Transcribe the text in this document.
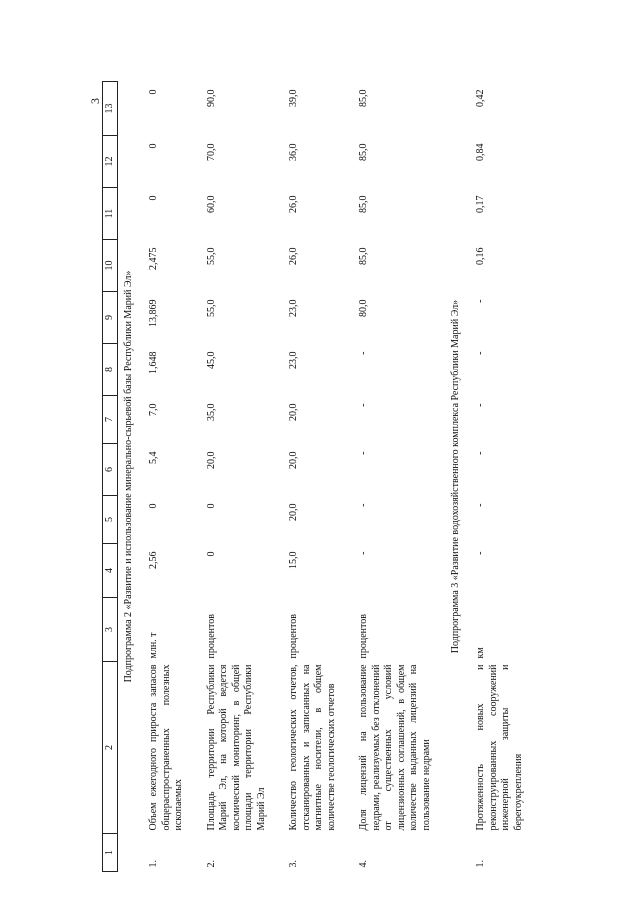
3
1	2	3	4	5	6	7	8	9	10	11	12	13
Подпрограмма 2 «Развитие и использование минерально-сырьевой базы Республики Марий Эл»												
1.	Объем ежегодного прироста запасов общераспространенных полезных ископаемых	млн. т	2,56	0	5,4	7,0	1,648	13,869	2,475	0	0	0
2.	Площадь территории Республики Марий Эл, на которой ведется космический мониторинг, в общей площади территории Республики Марий Эл	процентов	0	0	20,0	35,0	45,0	55,0	55,0	60,0	70,0	90,0
3.	Количество геологических отчетов, отсканированных и записанных на магнитные носители, в общем количестве геологических отчетов	процентов	15,0	20,0	20,0	20,0	23,0	23,0	26,0	26,0	36,0	39,0
4.	Доля лицензий на пользование недрами, реализуемых без отклонений от существенных условий лицензионных соглашений, в общем количестве выданных лицензий на пользование недрами	процентов	-	-	-	-	-	80,0	85,0	85,0	85,0	85,0
Подпрограмма 3 «Развитие водохозяйственного комплекса Республики Марий Эл»												
1.	Протяженность новых и реконструированных сооружений инженерной защиты и берегоукрепления	км	-	-	-	-	-	-	0,16	0,17	0,84	0,42
